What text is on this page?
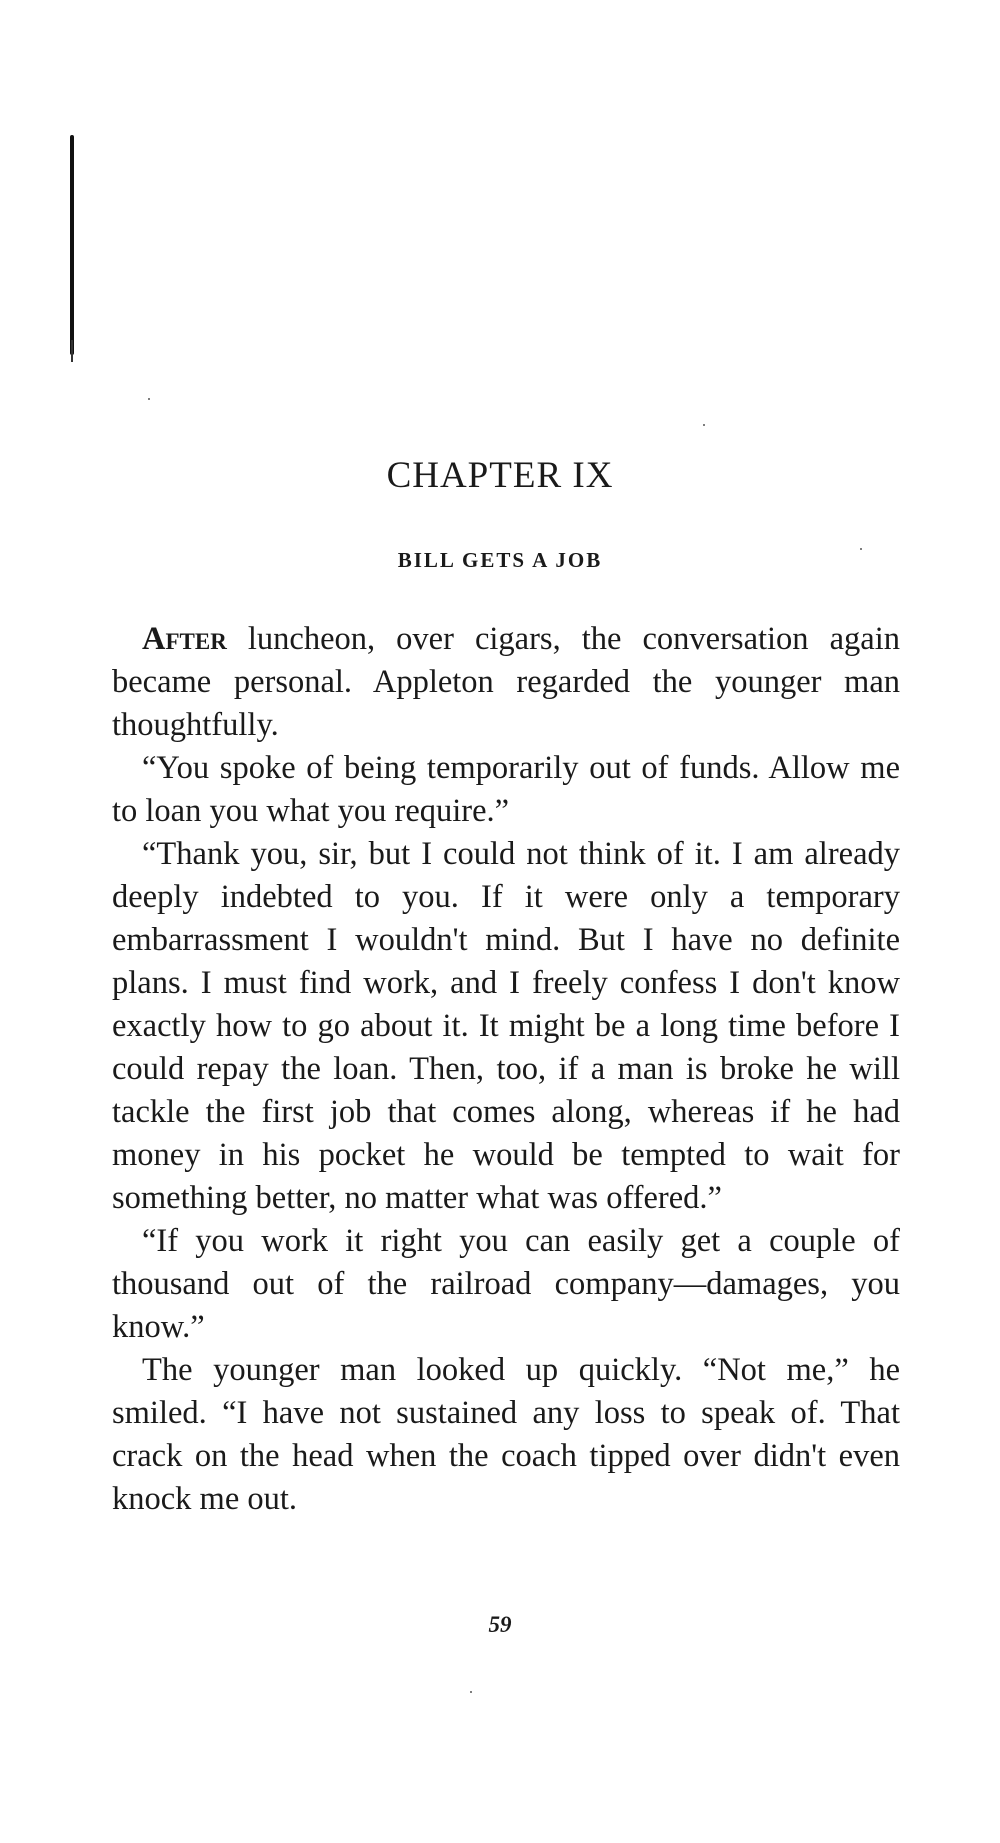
CHAPTER IX
BILL GETS A JOB

After luncheon, over cigars, the conversation again became personal. Appleton regarded the younger man thoughtfully.

“You spoke of being temporarily out of funds. Allow me to loan you what you require.”

“Thank you, sir, but I could not think of it. I am already deeply indebted to you. If it were only a temporary embarrassment I wouldn't mind. But I have no definite plans. I must find work, and I freely confess I don't know exactly how to go about it. It might be a long time before I could repay the loan. Then, too, if a man is broke he will tackle the first job that comes along, whereas if he had money in his pocket he would be tempted to wait for something better, no matter what was offered.”

“If you work it right you can easily get a couple of thousand out of the railroad company—damages, you know.”

The younger man looked up quickly. “Not me,” he smiled. “I have not sustained any loss to speak of. That crack on the head when the coach tipped over didn't even knock me out.

59
